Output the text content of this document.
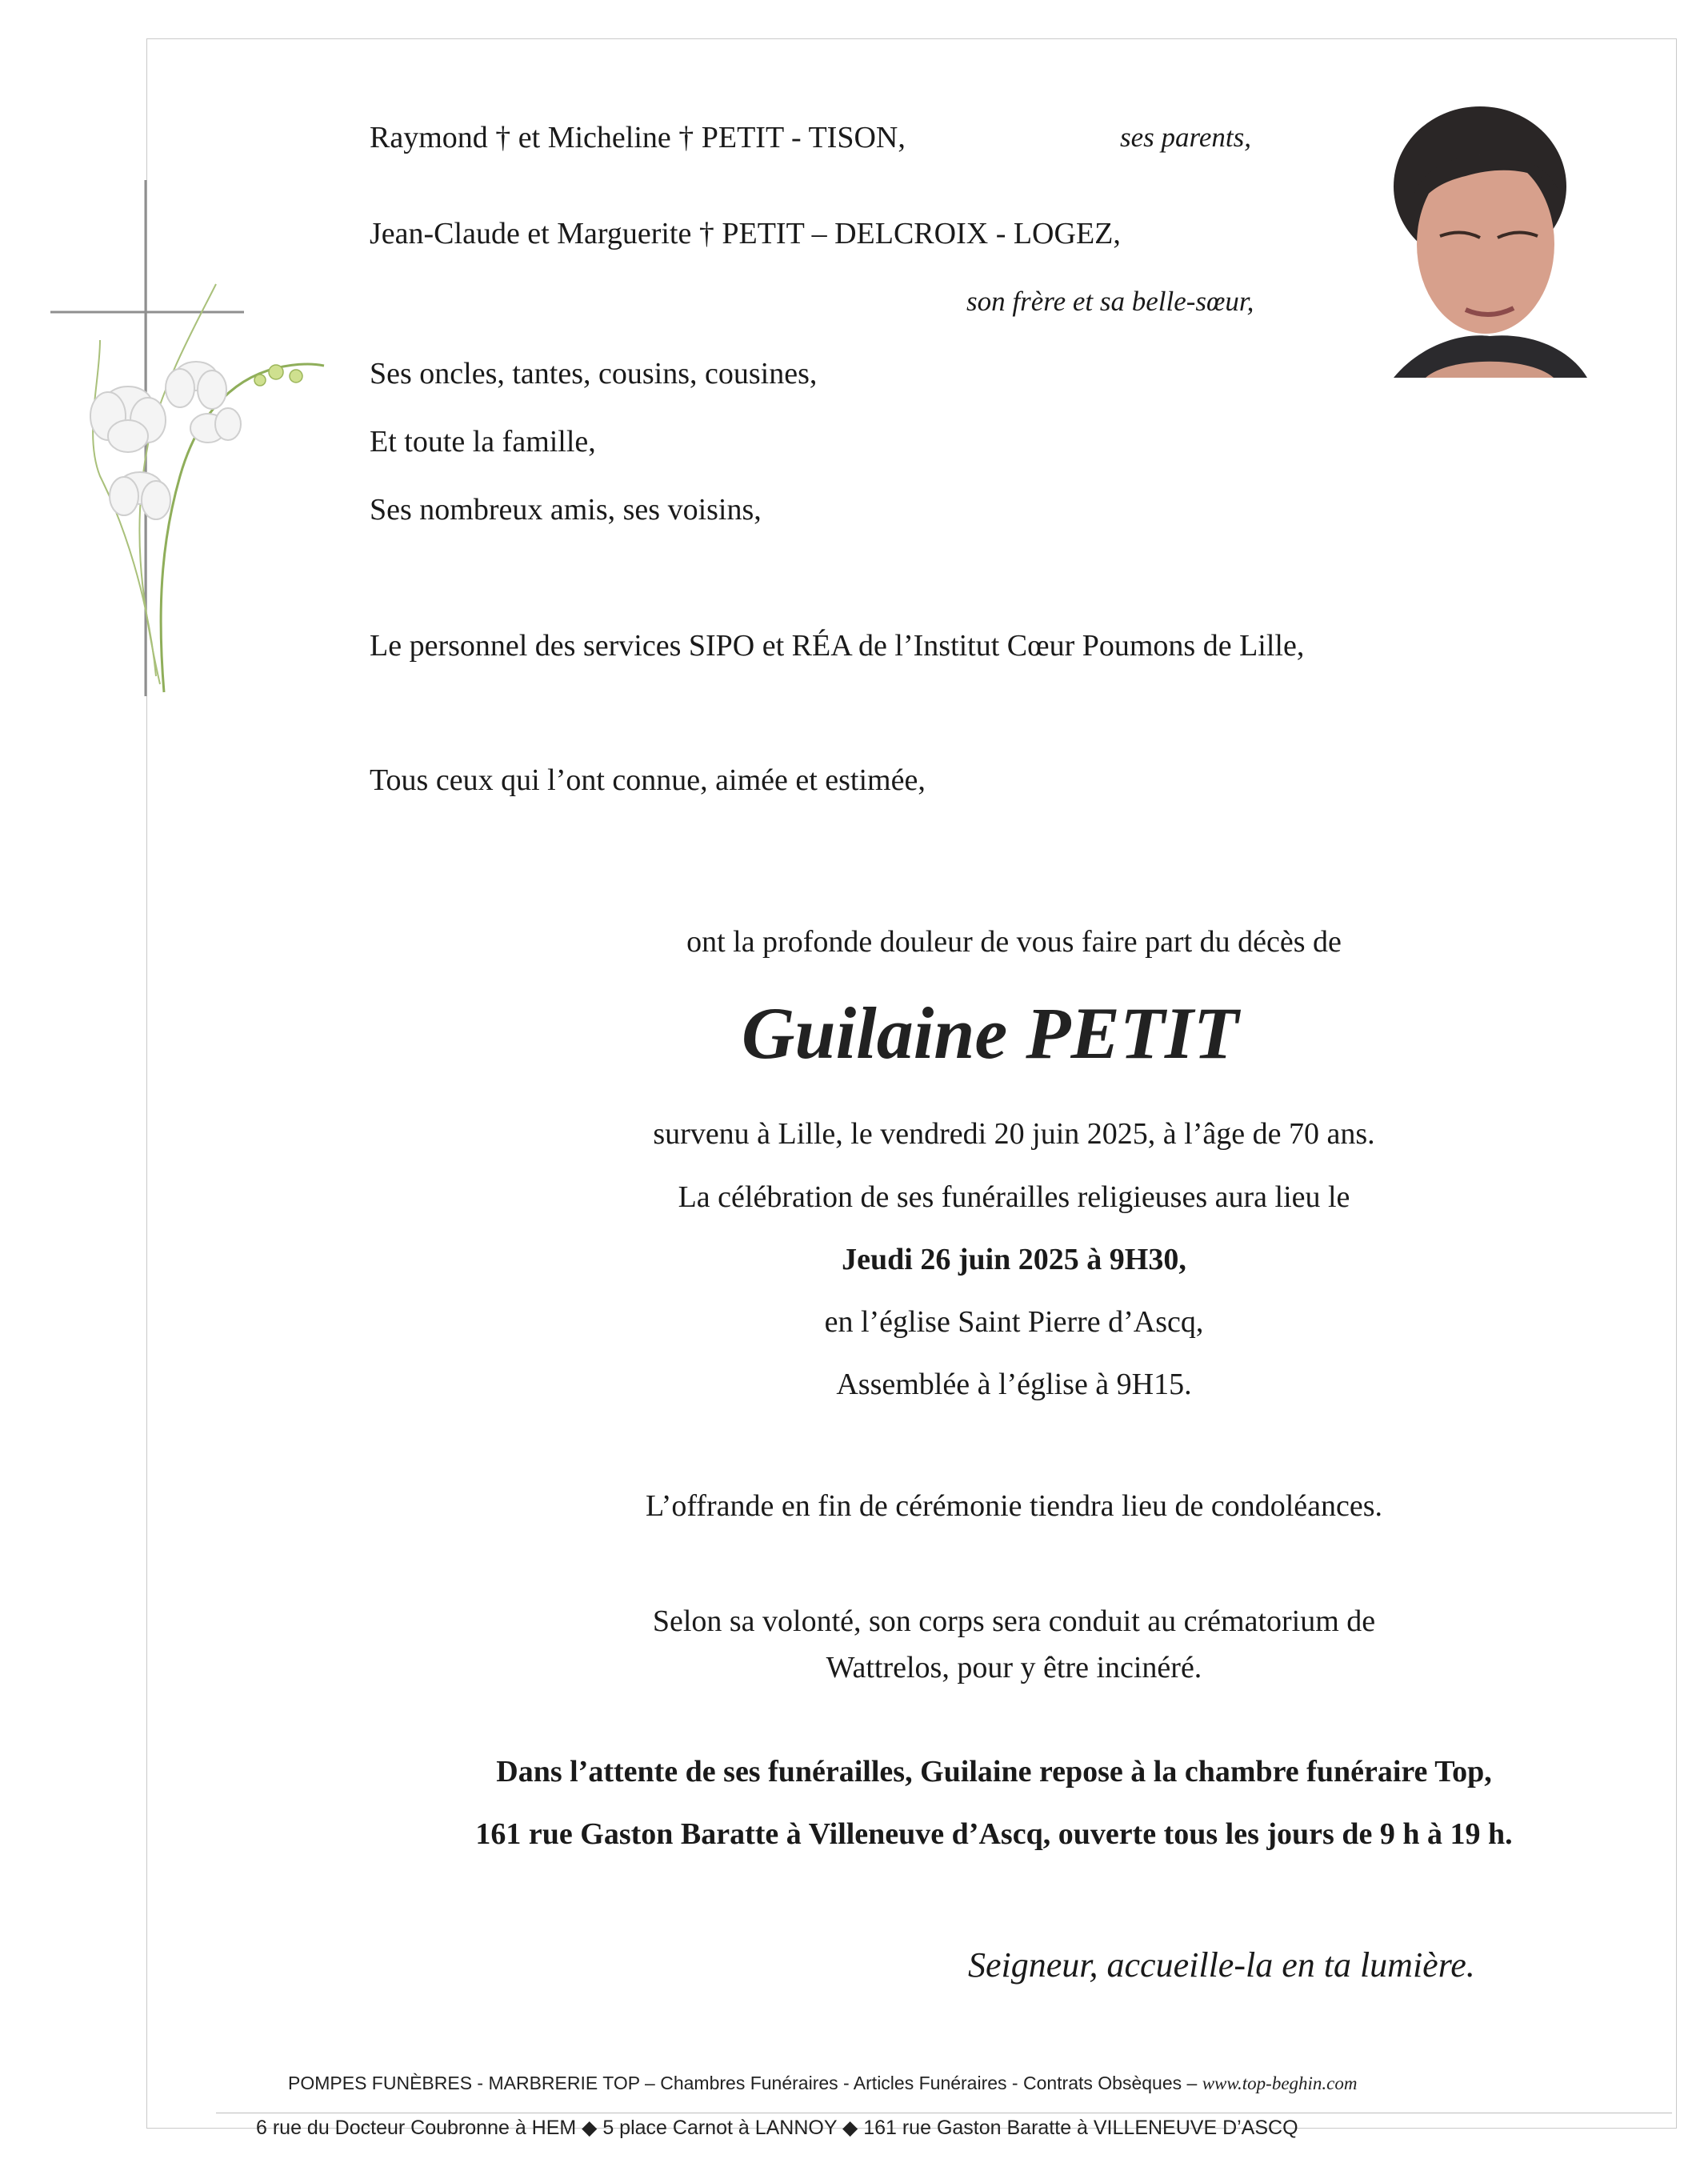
Raymond † et Micheline † PETIT - TISON,	ses parents,
Jean-Claude et Marguerite † PETIT – DELCROIX - LOGEZ,
son frère et sa belle-sœur,
Ses oncles, tantes, cousins, cousines,
Et toute la famille,
Ses nombreux amis, ses voisins,
Le personnel des services SIPO et RÉA de l’Institut Cœur Poumons de Lille,
Tous ceux qui l’ont connue, aimée et estimée,
ont la profonde douleur de vous faire part du décès de
Guilaine PETIT
survenu à Lille, le vendredi 20 juin 2025, à l’âge de 70 ans.
La célébration de ses funérailles religieuses aura lieu le
Jeudi 26 juin 2025 à 9H30,
en l’église Saint Pierre d’Ascq,
Assemblée à l’église à 9H15.
L’offrande en fin de cérémonie tiendra lieu de condoléances.
Selon sa volonté, son corps sera conduit au crématorium de
Wattrelos, pour y être incinéré.
Dans l’attente de ses funérailles, Guilaine repose à la chambre funéraire Top,
161 rue Gaston Baratte à Villeneuve d’Ascq, ouverte tous les jours de 9 h à 19 h.
Seigneur, accueille-la en ta lumière.
POMPES FUNÈBRES - MARBRERIE TOP – Chambres Funéraires - Articles Funéraires - Contrats Obsèques – www.top-beghin.com
6 rue du Docteur Coubronne à HEM ◆ 5 place Carnot à LANNOY ◆ 161 rue Gaston Baratte à VILLENEUVE D’ASCQ
